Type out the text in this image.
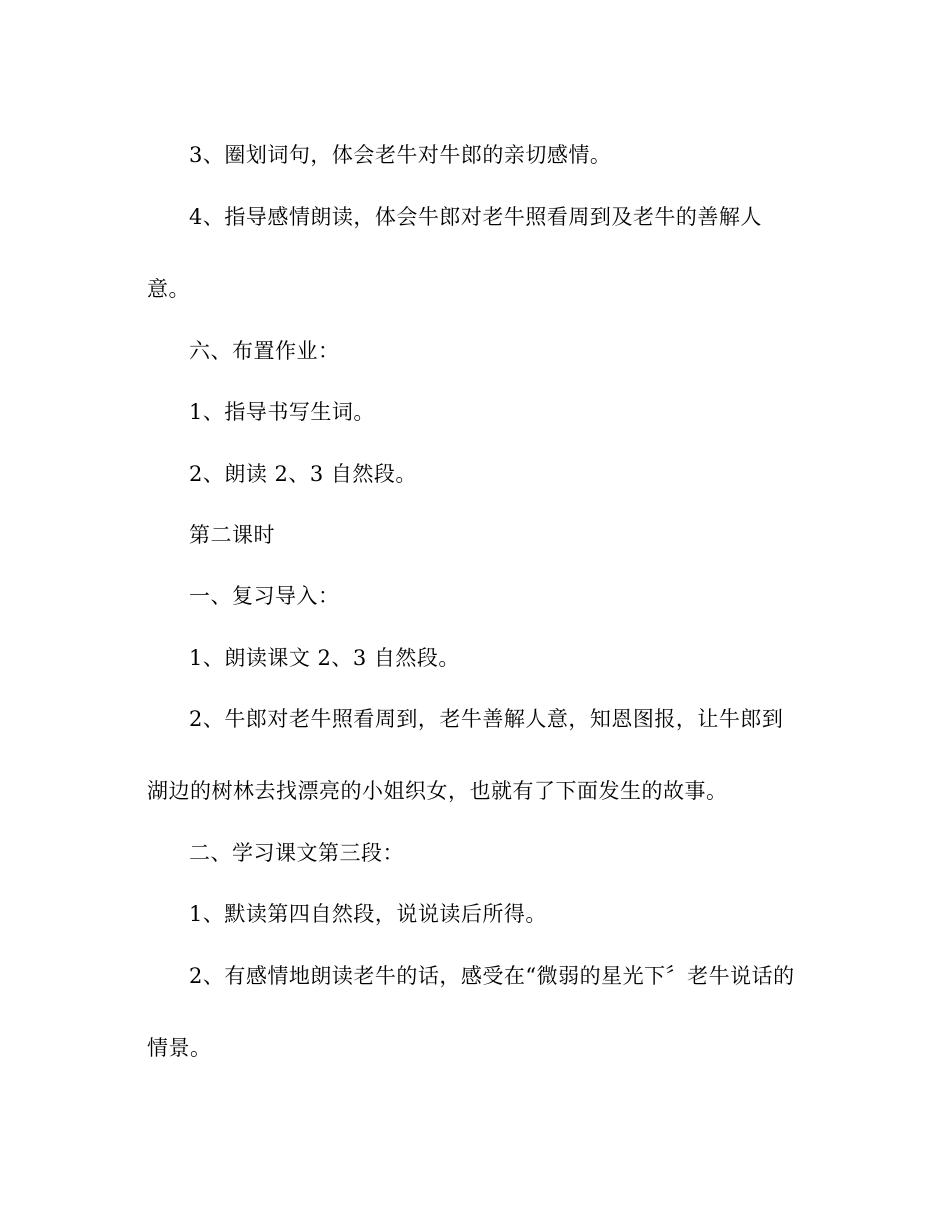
3、圈划词句，体会老牛对牛郎的亲切感情。
4、指导感情朗读，体会牛郎对老牛照看周到及老牛的善解人
意。
六、布置作业：
1、指导书写生词。
2、朗读 2、3 自然段。
第二课时
一、复习导入：
1、朗读课文 2、3 自然段。
2、牛郎对老牛照看周到，老牛善解人意，知恩图报，让牛郎到
湖边的树林去找漂亮的小姐织女，也就有了下面发生的故事。
二、学习课文第三段：
1、默读第四自然段，说说读后所得。
2、有感情地朗读老牛的话，感受在“微弱的星光下〞老牛说话的
情景。
